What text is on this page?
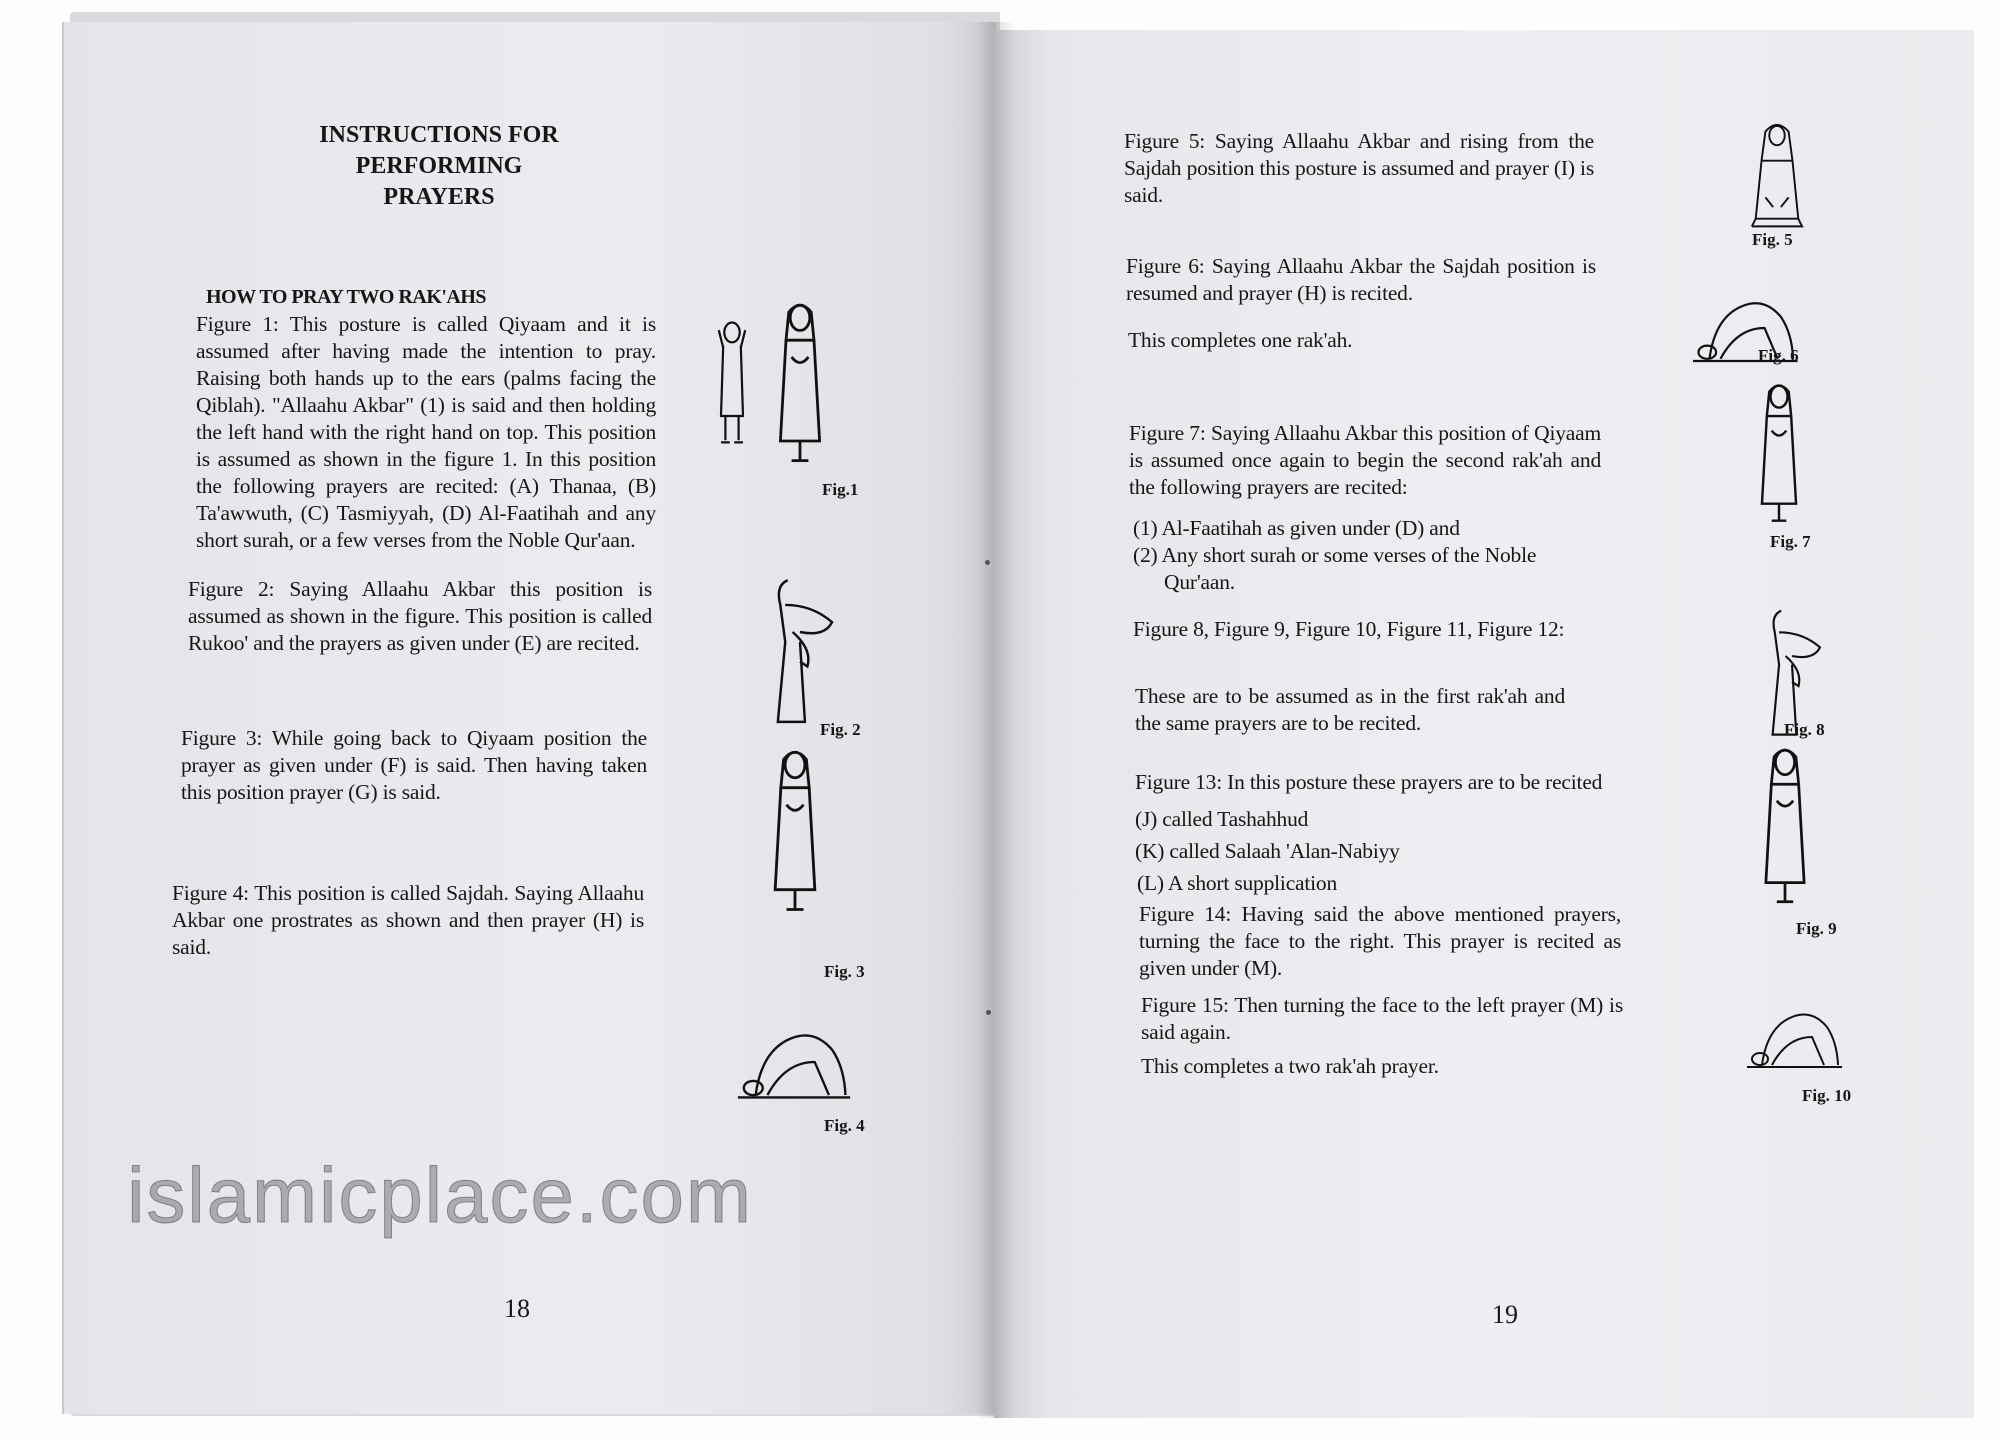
INSTRUCTIONS FOR PERFORMING PRAYERS
HOW TO PRAY TWO RAK'AHS
Figure 1: This posture is called Qiyaam and it is assumed after having made the intention to pray. Raising both hands up to the ears (palms facing the Qiblah). "Allaahu Akbar" (1) is said and then holding the left hand with the right hand on top. This position is assumed as shown in the figure 1. In this position the following prayers are recited: (A) Thanaa, (B) Ta'awwuth, (C) Tasmiyyah, (D) Al-Faatihah and any short surah, or a few verses from the Noble Qur'aan.
Figure 2: Saying Allaahu Akbar this position is assumed as shown in the figure. This position is called Rukoo' and the prayers as given under (E) are recited.
Figure 3: While going back to Qiyaam position the prayer as given under (F) is said. Then having taken this position prayer (G) is said.
Figure 4: This position is called Sajdah. Saying Allaahu Akbar one prostrates as shown and then prayer (H) is said.
Fig.1
Fig. 2
Fig. 3
Fig. 4
18
Figure 5: Saying Allaahu Akbar and rising from the Sajdah position this posture is assumed and prayer (I) is said.
Figure 6: Saying Allaahu Akbar the Sajdah position is resumed and prayer (H) is recited.
This completes one rak'ah.
Figure 7: Saying Allaahu Akbar this position of Qiyaam is assumed once again to begin the second rak'ah and the following prayers are recited:
(1) Al-Faatihah as given under (D) and
(2) Any short surah or some verses of the Noble
Qur'aan.
Figure 8, Figure 9, Figure 10, Figure 11, Figure 12:
These are to be assumed as in the first rak'ah and the same prayers are to be recited.
Figure 13: In this posture these prayers are to be recited
(J) called Tashahhud
(K) called Salaah 'Alan-Nabiyy
(L) A short supplication
Figure 14: Having said the above mentioned prayers, turning the face to the right. This prayer is recited as given under (M).
Figure 15: Then turning the face to the left prayer (M) is said again.
This completes a two rak'ah prayer.
Fig. 5
Fig. 6
Fig. 7
Fig. 8
Fig. 9
Fig. 10
19
islamicplace.com
